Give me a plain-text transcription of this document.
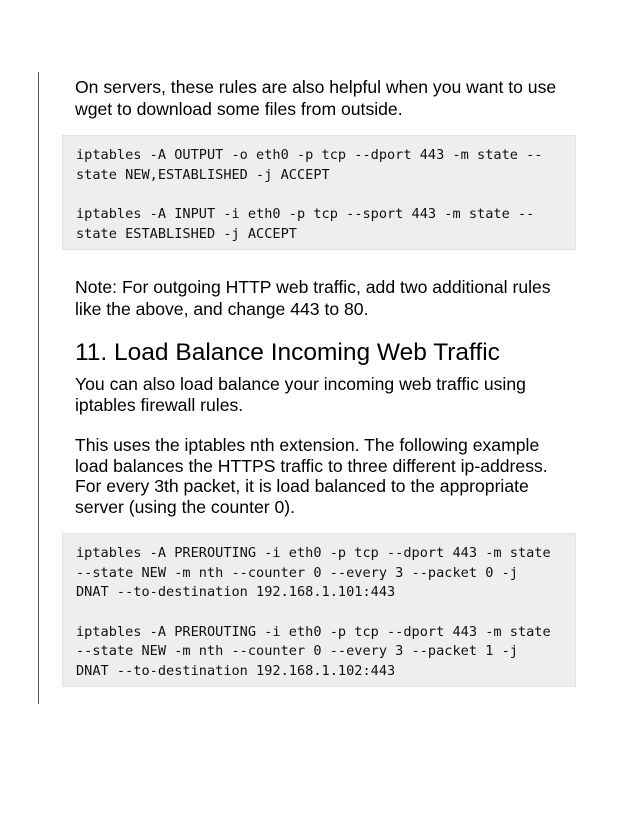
On servers, these rules are also helpful when you want to use
wget to download some files from outside.

iptables -A OUTPUT -o eth0 -p tcp --dport 443 -m state --
state NEW,ESTABLISHED -j ACCEPT
iptables -A INPUT -i eth0 -p tcp --sport 443 -m state --
state ESTABLISHED -j ACCEPT

Note: For outgoing HTTP web traffic, add two additional rules
like the above, and change 443 to 80.

11. Load Balance Incoming Web Traffic

You can also load balance your incoming web traffic using
iptables firewall rules.

This uses the iptables nth extension. The following example
load balances the HTTPS traffic to three different ip-address.
For every 3th packet, it is load balanced to the appropriate
server (using the counter 0).

iptables -A PREROUTING -i eth0 -p tcp --dport 443 -m state
--state NEW -m nth --counter 0 --every 3 --packet 0 -j
DNAT --to-destination 192.168.1.101:443
iptables -A PREROUTING -i eth0 -p tcp --dport 443 -m state
--state NEW -m nth --counter 0 --every 3 --packet 1 -j
DNAT --to-destination 192.168.1.102:443
